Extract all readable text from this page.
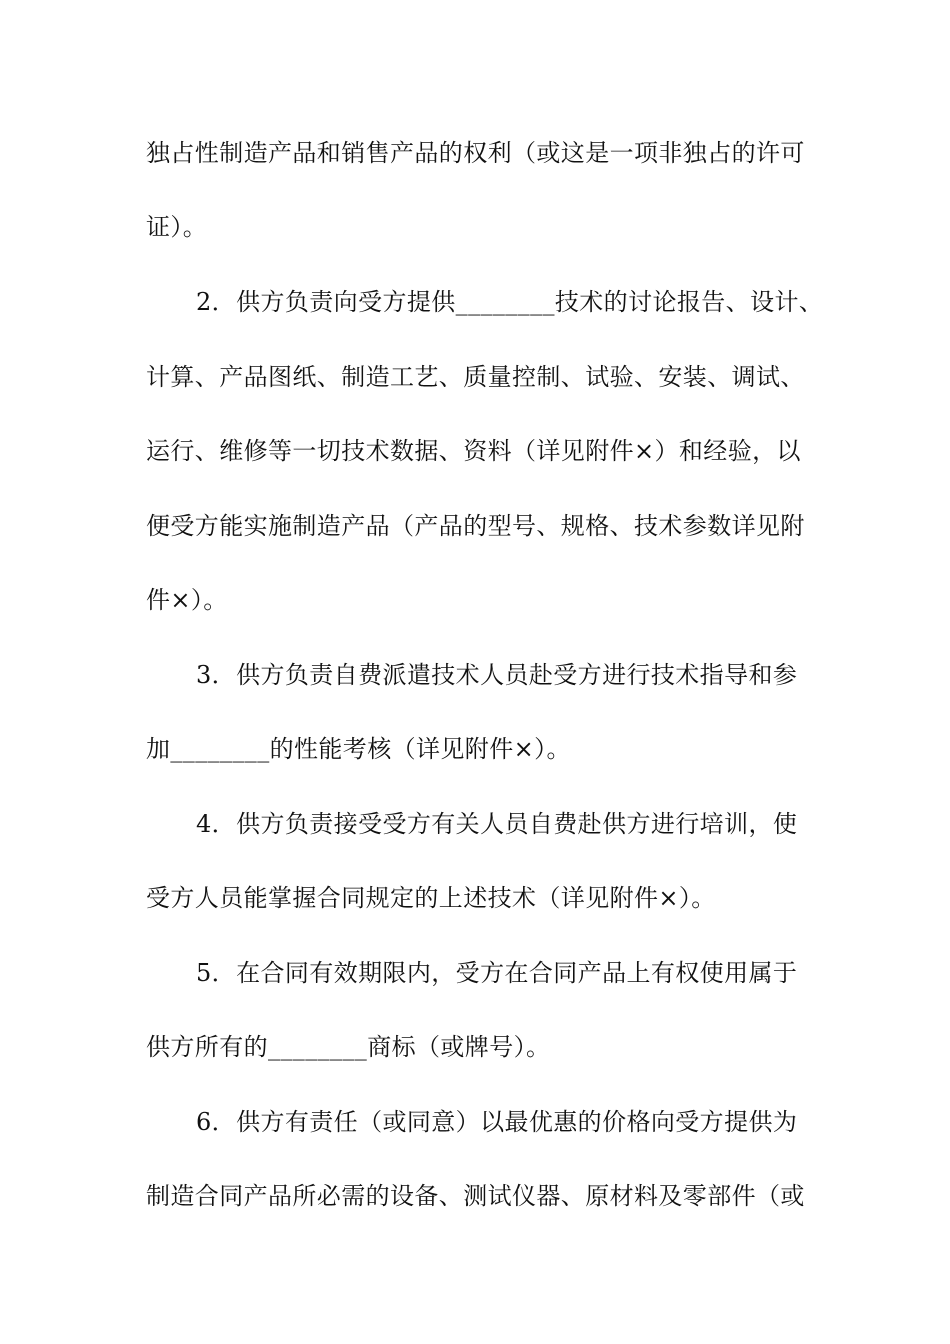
独占性制造产品和销售产品的权利（或这是一项非独占的许可
证）。
2．供方负责向受方提供________技术的讨论报告、设计、
计算、产品图纸、制造工艺、质量控制、试验、安装、调试、
运行、维修等一切技术数据、资料（详见附件×）和经验，以
便受方能实施制造产品（产品的型号、规格、技术参数详见附
件×）。
3．供方负责自费派遣技术人员赴受方进行技术指导和参
加________的性能考核（详见附件×）。
4．供方负责接受受方有关人员自费赴供方进行培训，使
受方人员能掌握合同规定的上述技术（详见附件×）。
5．在合同有效期限内，受方在合同产品上有权使用属于
供方所有的________商标（或牌号）。
6．供方有责任（或同意）以最优惠的价格向受方提供为
制造合同产品所必需的设备、测试仪器、原材料及零部件（或
